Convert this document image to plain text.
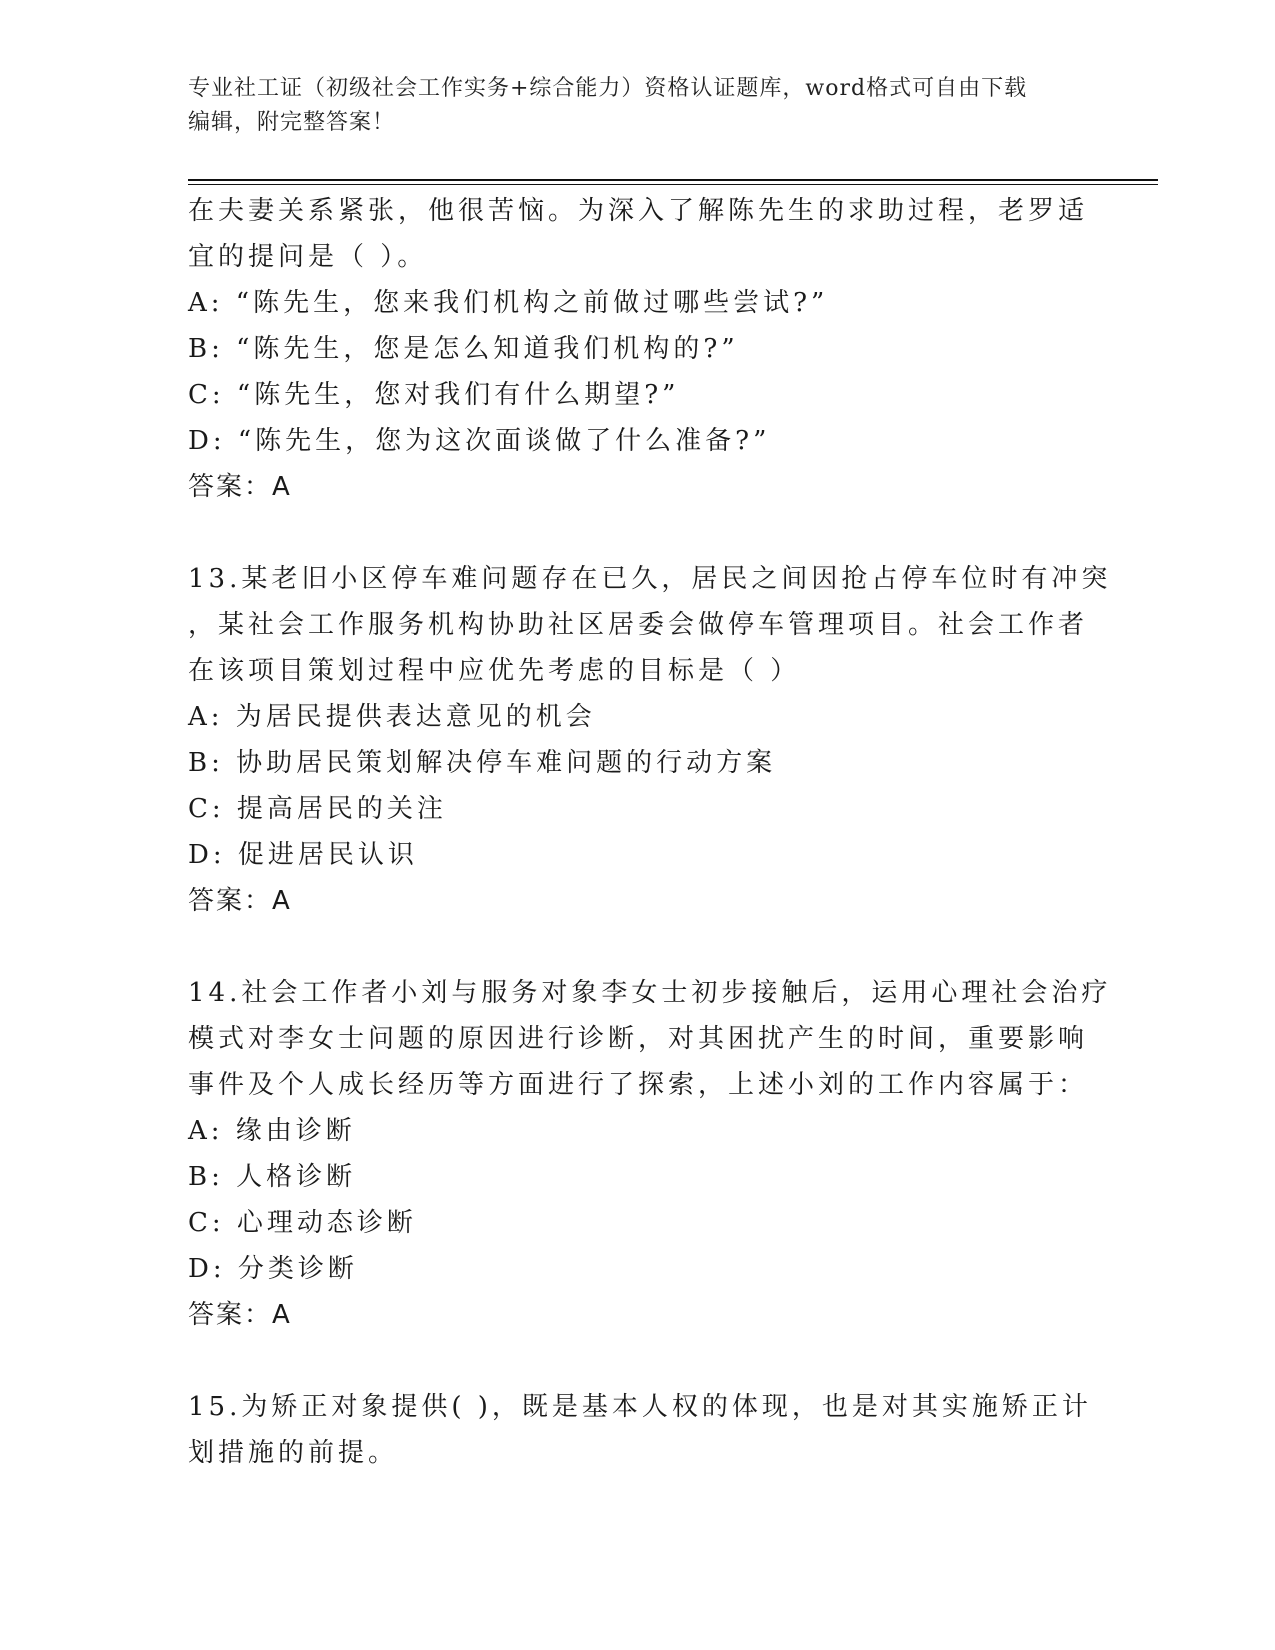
专业社工证（初级社会工作实务+综合能力）资格认证题库，word格式可自由下载
编辑，附完整答案！
在夫妻关系紧张，他很苦恼。为深入了解陈先生的求助过程，老罗适
宜的提问是（ ）。
A: “陈先生，您来我们机构之前做过哪些尝试?”
B: “陈先生，您是怎么知道我们机构的?”
C: “陈先生，您对我们有什么期望?”
D: “陈先生，您为这次面谈做了什么准备?”
答案：A
13.某老旧小区停车难问题存在已久，居民之间因抢占停车位时有冲突
，某社会工作服务机构协助社区居委会做停车管理项目。社会工作者
在该项目策划过程中应优先考虑的目标是（ ）
A: 为居民提供表达意见的机会
B: 协助居民策划解决停车难问题的行动方案
C: 提高居民的关注
D: 促进居民认识
答案：A
14.社会工作者小刘与服务对象李女士初步接触后，运用心理社会治疗
模式对李女士问题的原因进行诊断，对其困扰产生的时间，重要影响
事件及个人成长经历等方面进行了探索，上述小刘的工作内容属于：
A: 缘由诊断
B: 人格诊断
C: 心理动态诊断
D: 分类诊断
答案：A
15.为矫正对象提供( )，既是基本人权的体现，也是对其实施矫正计
划措施的前提。
